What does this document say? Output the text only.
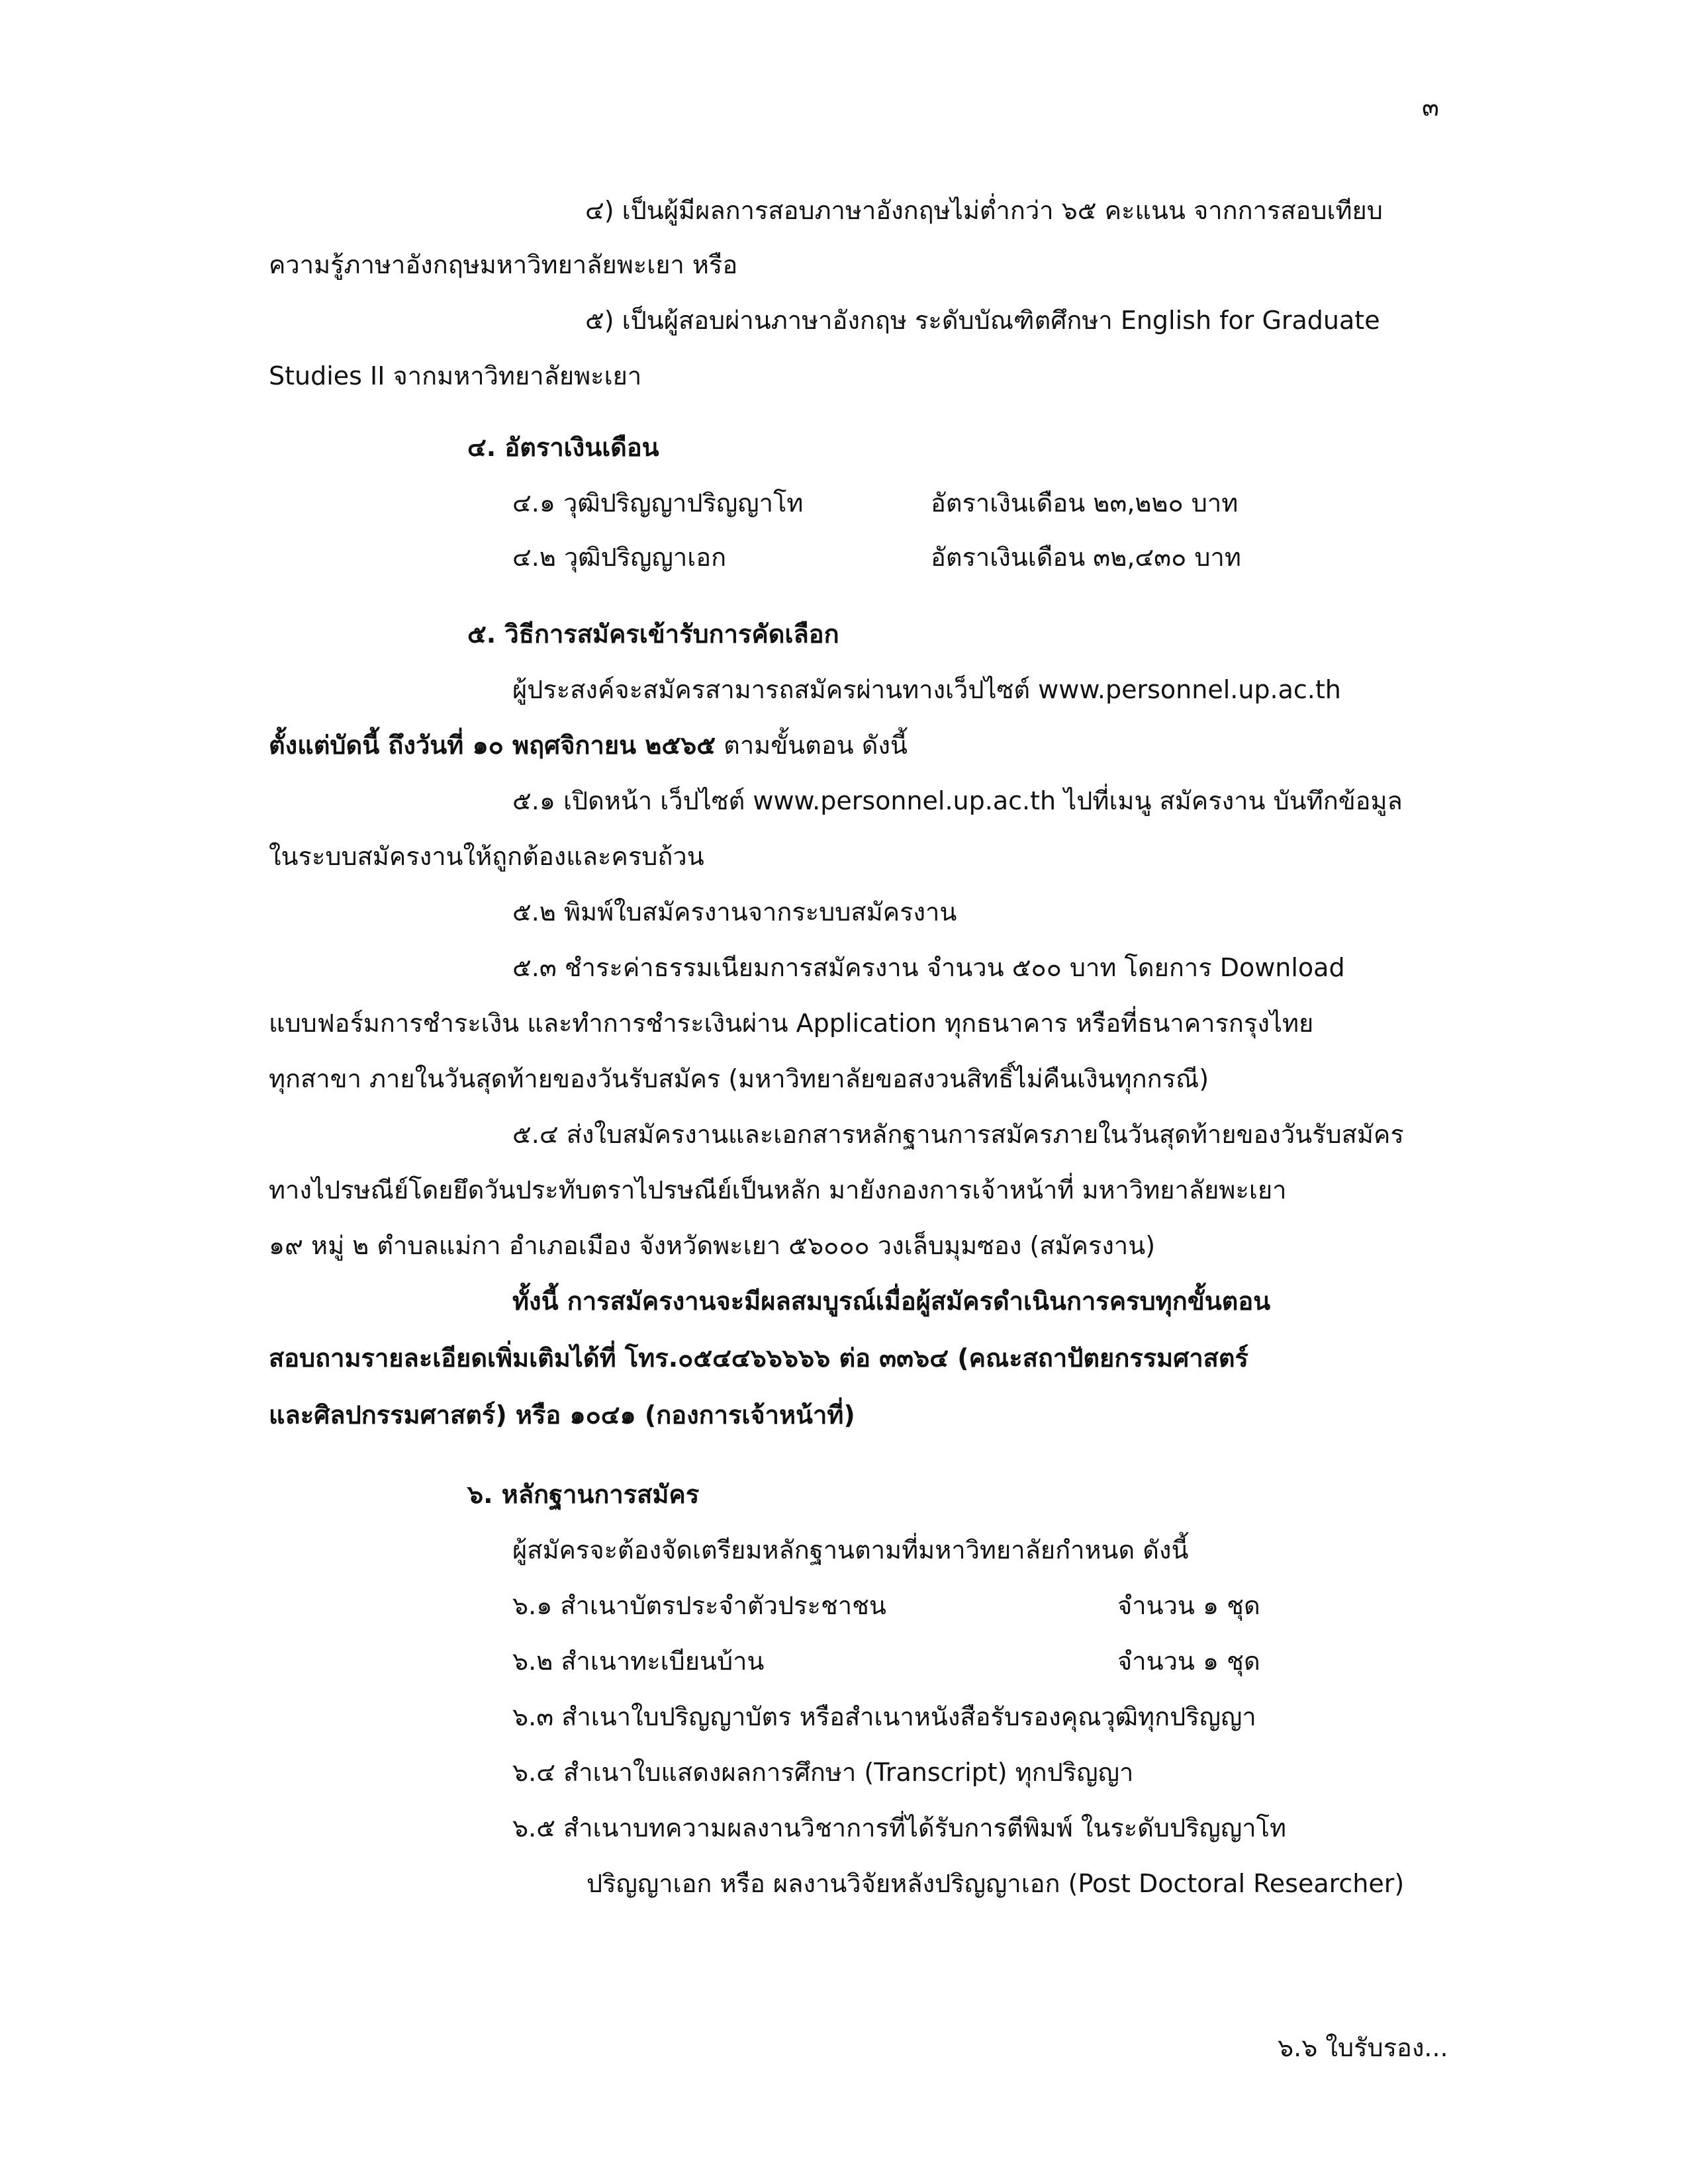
๓
๔) เป็นผู้มีผลการสอบภาษาอังกฤษไม่ต่ำกว่า ๖๕ คะแนน จากการสอบเทียบ
ความรู้ภาษาอังกฤษมหาวิทยาลัยพะเยา หรือ
๕) เป็นผู้สอบผ่านภาษาอังกฤษ ระดับบัณฑิตศึกษา English for Graduate
Studies II จากมหาวิทยาลัยพะเยา
๔. อัตราเงินเดือน
๔.๑ วุฒิปริญญาปริญญาโท	อัตราเงินเดือน ๒๓,๒๒๐ บาท
๔.๒ วุฒิปริญญาเอก	อัตราเงินเดือน ๓๒,๔๓๐ บาท
๕. วิธีการสมัครเข้ารับการคัดเลือก
ผู้ประสงค์จะสมัครสามารถสมัครผ่านทางเว็ปไซต์ www.personnel.up.ac.th
ตั้งแต่บัดนี้ ถึงวันที่ ๑๐ พฤศจิกายน ๒๕๖๕ ตามขั้นตอน ดังนี้
๕.๑ เปิดหน้า เว็ปไซต์ www.personnel.up.ac.th ไปที่เมนู สมัครงาน บันทึกข้อมูล
ในระบบสมัครงานให้ถูกต้องและครบถ้วน
๕.๒ พิมพ์ใบสมัครงานจากระบบสมัครงาน
๕.๓ ชำระค่าธรรมเนียมการสมัครงาน จำนวน ๕๐๐ บาท โดยการ Download
แบบฟอร์มการชำระเงิน และทำการชำระเงินผ่าน Application ทุกธนาคาร หรือที่ธนาคารกรุงไทย
ทุกสาขา ภายในวันสุดท้ายของวันรับสมัคร (มหาวิทยาลัยขอสงวนสิทธิ์ไม่คืนเงินทุกกรณี)
๕.๔ ส่งใบสมัครงานและเอกสารหลักฐานการสมัครภายในวันสุดท้ายของวันรับสมัคร
ทางไปรษณีย์โดยยึดวันประทับตราไปรษณีย์เป็นหลัก มายังกองการเจ้าหน้าที่ มหาวิทยาลัยพะเยา
๑๙ หมู่ ๒ ตำบลแม่กา อำเภอเมือง จังหวัดพะเยา ๕๖๐๐๐ วงเล็บมุมซอง (สมัครงาน)
ทั้งนี้ การสมัครงานจะมีผลสมบูรณ์เมื่อผู้สมัครดำเนินการครบทุกขั้นตอน
สอบถามรายละเอียดเพิ่มเติมได้ที่ โทร.๐๕๔๔๖๖๖๖๖ ต่อ ๓๓๖๔ (คณะสถาปัตยกรรมศาสตร์
และศิลปกรรมศาสตร์) หรือ ๑๐๔๑ (กองการเจ้าหน้าที่)
๖. หลักฐานการสมัคร
ผู้สมัครจะต้องจัดเตรียมหลักฐานตามที่มหาวิทยาลัยกำหนด ดังนี้
๖.๑ สำเนาบัตรประจำตัวประชาชน	จำนวน ๑ ชุด
๖.๒ สำเนาทะเบียนบ้าน	จำนวน ๑ ชุด
๖.๓ สำเนาใบปริญญาบัตร หรือสำเนาหนังสือรับรองคุณวุฒิทุกปริญญา
๖.๔ สำเนาใบแสดงผลการศึกษา (Transcript) ทุกปริญญา
๖.๕ สำเนาบทความผลงานวิชาการที่ได้รับการตีพิมพ์ ในระดับปริญญาโท
ปริญญาเอก หรือ ผลงานวิจัยหลังปริญญาเอก (Post Doctoral Researcher)
๖.๖ ใบรับรอง...
